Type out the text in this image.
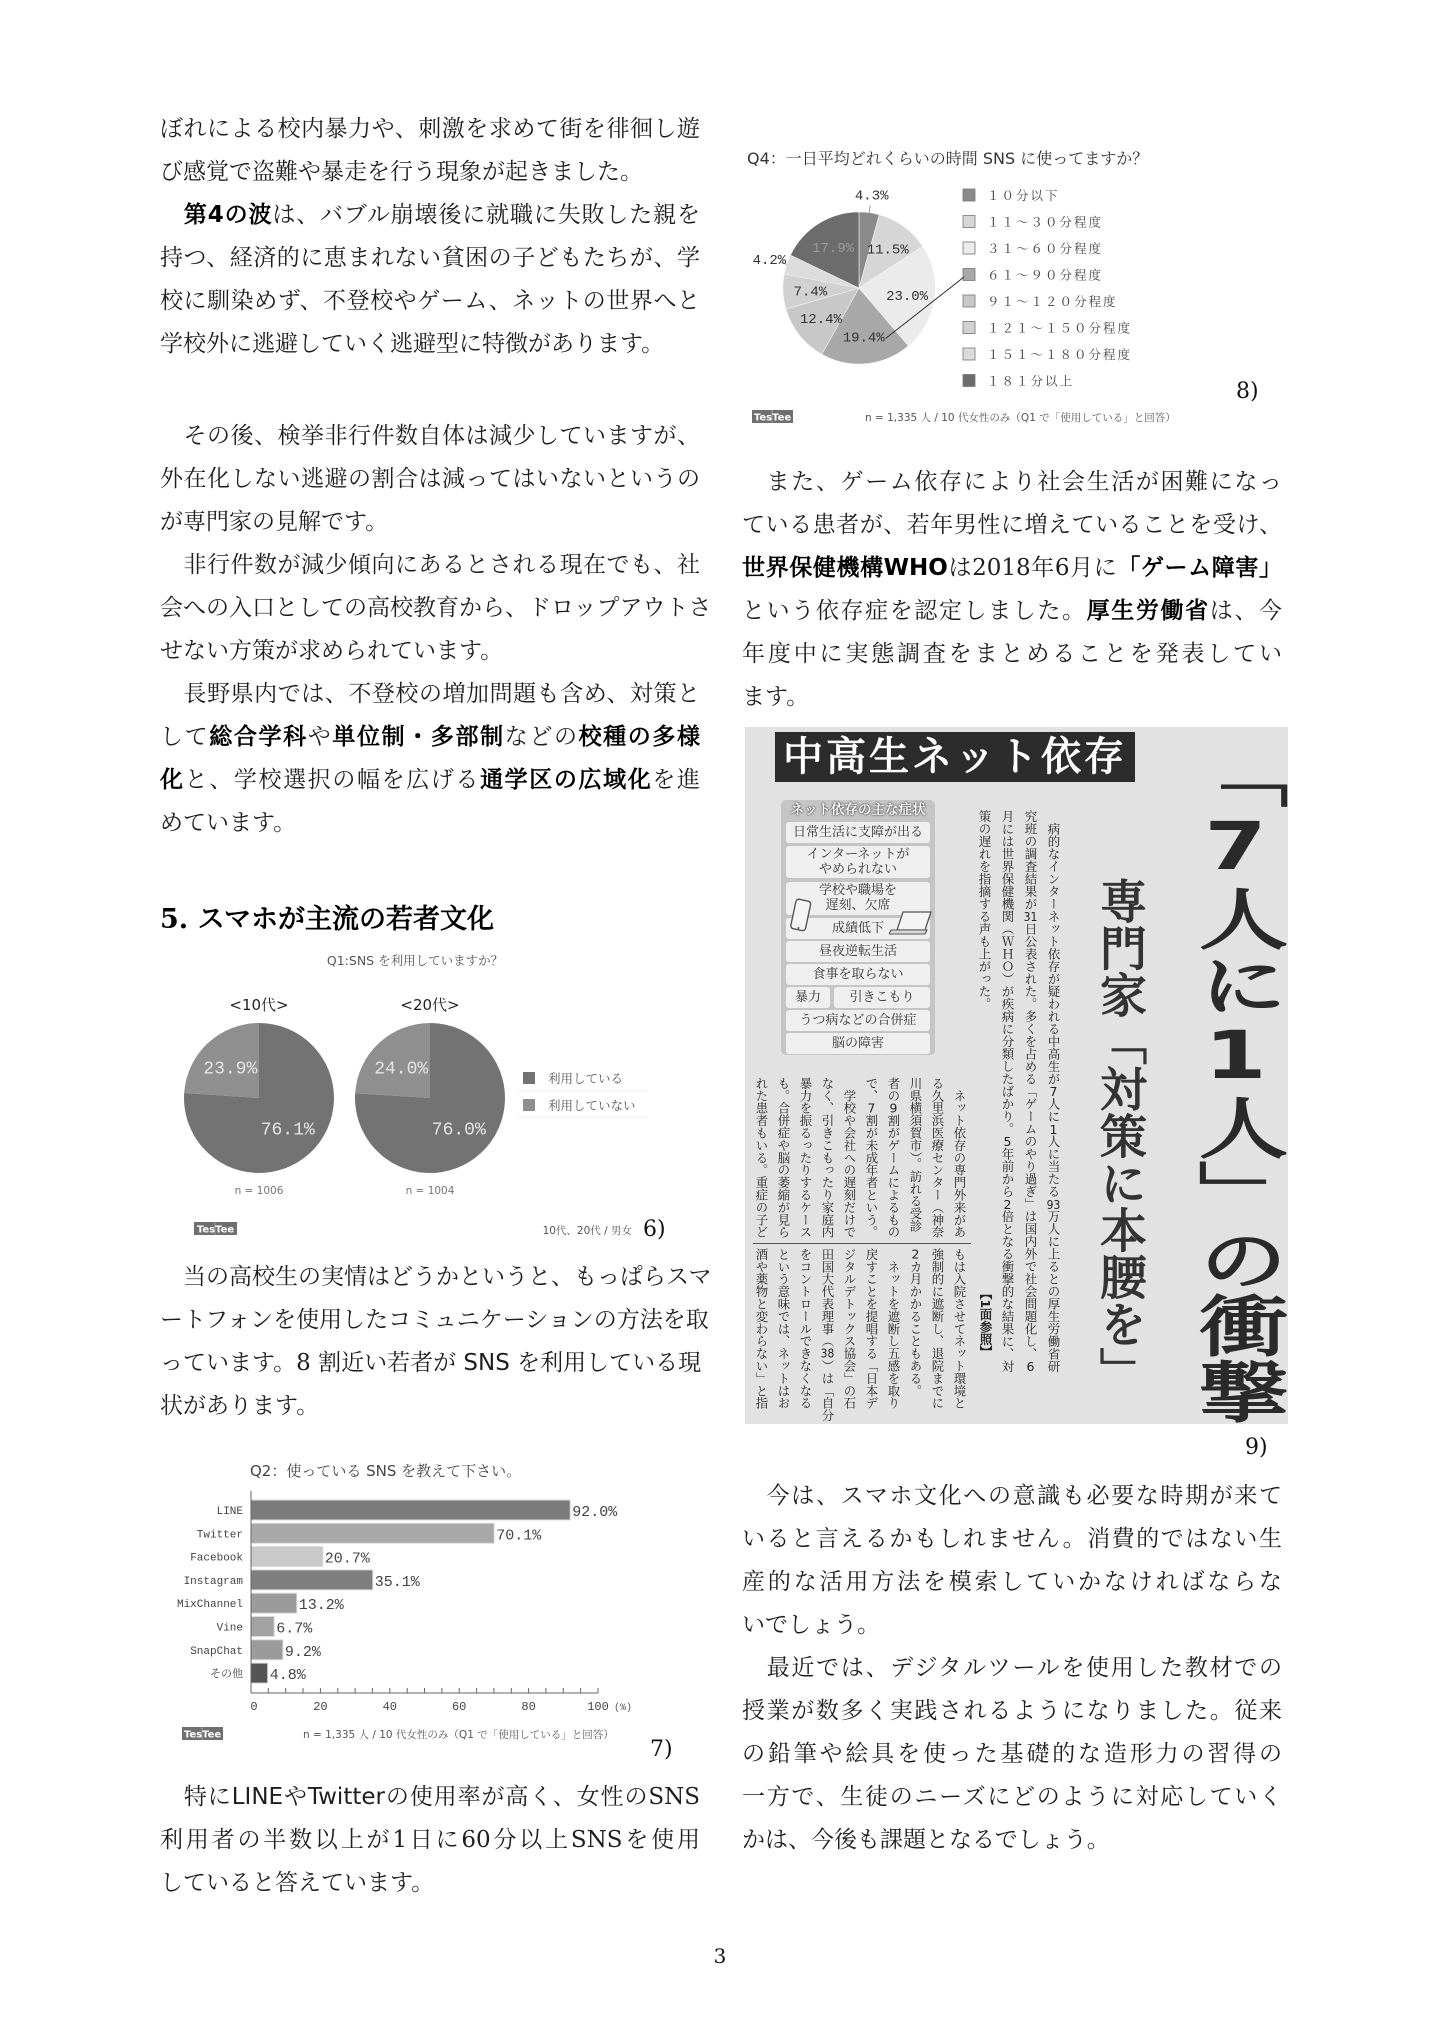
ぼれによる校内暴力や、刺激を求めて街を徘徊し遊
び感覚で盗難や暴走を行う現象が起きました。
　第4の波は、バブル崩壊後に就職に失敗した親を
持つ、経済的に恵まれない貧困の子どもたちが、学
校に馴染めず、不登校やゲーム、ネットの世界へと
学校外に逃避していく逃避型に特徴があります。
　その後、検挙非行件数自体は減少していますが、
外在化しない逃避の割合は減ってはいないというの
が専門家の見解です。
　非行件数が減少傾向にあるとされる現在でも、社
会への入口としての高校教育から、ドロップアウトさ
せない方策が求められています。
　長野県内では、不登校の増加問題も含め、対策と
して総合学科や単位制・多部制などの校種の多様
化と、学校選択の幅を広げる通学区の広域化を進
めています。
5. スマホが主流の若者文化
Q1:SNS を利用していますか？
<10代>	<20代>
76.1%
23.9%
76.0%
24.0%	利用している
利用していない
n = 1006	n = 1004
TesTee	10代、20代 / 男女 6)
　当の高校生の実情はどうかというと、もっぱらスマ
ートフォンを使用したコミュニケーションの方法を取
っています。8 割近い若者が SNS を利用している現
状があります。
Q2：使っている SNS を教えて下さい。
LINE	92.0%
Twitter	70.1%
Facebook	20.7%
Instagram	35.1%
MixChannel	13.2%
Vine 6.7%
SnapChat	9.2%
その他 4.8%
0	20	40	60	80	100 (%)
TesTee	n = 1,335 人 / 10 代女性のみ（Q1 で「使用している」と回答）
7)
　特にLINEやTwitterの使用率が高く、女性のSNS
利用者の半数以上が1日に60分以上SNSを使用
していると答えています。
Q4：一日平均どれくらいの時間 SNS に使ってますか？
4.3%
11.5%
23.0%
19.4%
12.4%
7.4%
4.2%
17.9%
１０分以下
１１～３０分程度
３１～６０分程度
６１～９０分程度
９１～１２０分程度
１２１～１５０分程度
１５１～１８０分程度
１８１分以上
TesTee	n = 1,335 人 / 10 代女性のみ（Q1 で「使用している」と回答）
8)
　また、ゲーム依存により社会生活が困難になっ
ている患者が、若年男性に増えていることを受け、
世界保健機構WHOは2018年6月に「ゲーム障害」
という依存症を認定しました。厚生労働省は、今
年度中に実態調査をまとめることを発表してい
ます。
中高生ネット依存
ネット依存の主な症状
日常生活に支障が出る
インターネットが
やめられない
学校や職場を
遅刻、欠席
成績低下
昼夜逆転生活
食事を取らない
暴力	引きこもり
うつ病などの合併症
脳の障害	　病的なインターネット依存が疑われる中高生が7人に1人に当たる93万人に上るとの厚生労働省研
究班の調査結果が31日公表された。多くを占める「ゲームのやり過ぎ」は国内外で社会問題化し、6
月には世界保健機関（ＷＨＯ）が疾病に分類したばかり。5年前から2倍となる衝撃的な結果に、対
策の遅れを指摘する声も上がった。
【1面参照】 専門家「対策に本腰を」 「7人に1人」の衝撃
　ネット依存の専門外来があ
る久里浜医療センター（神奈
川県横須賀市）。訪れる受診
者の9割がゲームによるもの
で、7割が未成年者という。
　学校や会社への遅刻だけで
なく、引きこもったり家庭内
暴力を振るったりするケース
も。合併症や脳の萎縮が見ら
れた患者もいる。重症の子ど
もは入院させてネット環境と
強制的に遮断し、退院までに
2カ月かかることもある。
　ネットを遮断し五感を取り
戻すことを提唱する「日本デ
ジタルデトックス協会」の石
田国大代表理事（38）は「自分
をコントロールできなくなる
という意味では、ネットはお
酒や薬物と変わらない」と指
9)
　今は、スマホ文化への意識も必要な時期が来て
いると言えるかもしれません。消費的ではない生
産的な活用方法を模索していかなければならな
いでしょう。
　最近では、デジタルツールを使用した教材での
授業が数多く実践されるようになりました。従来
の鉛筆や絵具を使った基礎的な造形力の習得の
一方で、生徒のニーズにどのように対応していく
かは、今後も課題となるでしょう。
3
